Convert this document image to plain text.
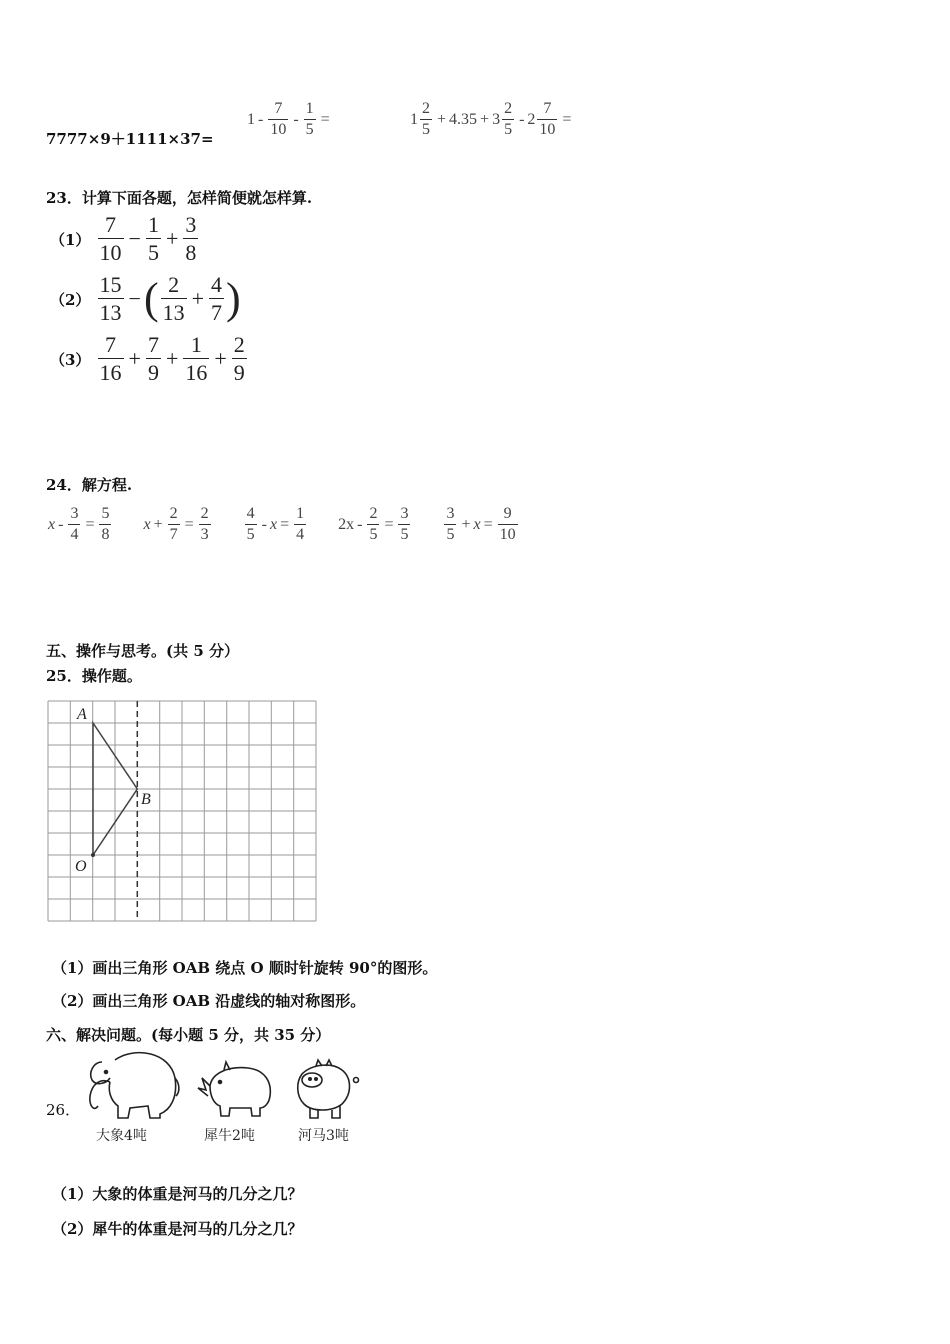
7777×9＋1111×37=
$1 - \frac{7}{10} - \frac{1}{5}$ =	$1 \frac{2}{5} + 4.35 + 3 \frac{2}{5} - 2 \frac{7}{10}$ =
23．计算下面各题，怎样简便就怎样算.
$(1) \frac{7}{10} - \frac{1}{5} + \frac{3}{8}$
$(2) \frac{15}{13}$ −( $\frac{2}{13} + \frac{4}{7}$ )
$(3) \frac{7}{16} + \frac{7}{9} + \frac{1}{16} + \frac{2}{9}$
24．解方程.
$x - \frac{3}{4} = \frac{5}{8}$ $x + \frac{2}{7} = \frac{2}{3}$
$\frac{4}{5} - x = \frac{1}{4} 2x - \frac{2}{5} = \frac{3}{5}$
$\frac{3}{5} + x = \frac{9}{10}$
五、操作与思考。(共 5 分）
25．操作题。
A
B
O
（1）画出三角形 OAB 绕点 O 顺时针旋转 90°的图形。
（2）画出三角形 OAB 沿虚线的轴对称图形。
六、解决问题。(每小题 5 分，共 35 分）
26．
大象4吨	犀牛2吨	河马3吨
（1）大象的体重是河马的几分之几？
（2）犀牛的体重是河马的几分之几？
